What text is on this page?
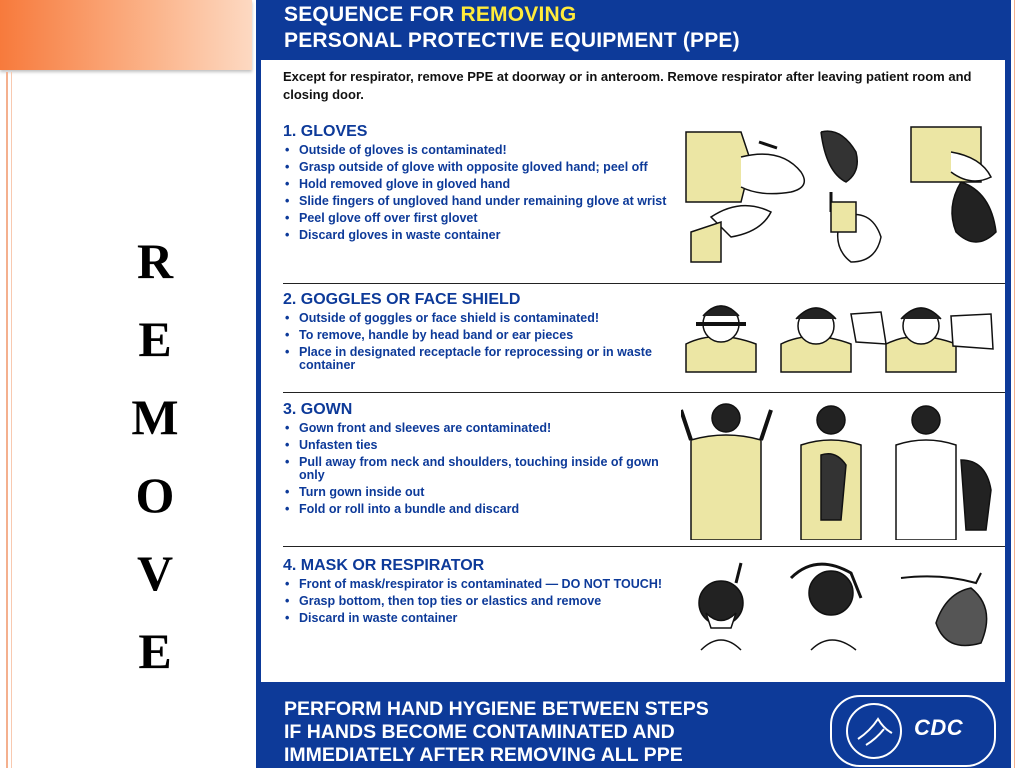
R
E
M
O
V
E
SEQUENCE FOR REMOVING
PERSONAL PROTECTIVE EQUIPMENT (PPE)
Except for respirator, remove PPE at doorway or in anteroom. Remove respirator after leaving patient room and closing door.
1. GLOVES
• Outside of gloves is contaminated!
• Grasp outside of glove with opposite gloved hand; peel off
• Hold removed glove in gloved hand
• Slide fingers of ungloved hand under remaining glove at wrist
• Peel glove off over first glovet
• Discard gloves in waste container
2. GOGGLES OR FACE SHIELD
• Outside of goggles or face shield is contaminated!
• To remove, handle by head band or ear pieces
• Place in designated receptacle for reprocessing or in waste container
3. GOWN
• Gown front and sleeves are contaminated!
• Unfasten ties
• Pull away from neck and shoulders, touching inside of gown only
• Turn gown inside out
• Fold or roll into a bundle and discard
4. MASK OR RESPIRATOR
• Front of mask/respirator is contaminated — DO NOT TOUCH!
• Grasp bottom, then top ties or elastics and remove
• Discard in waste container
PERFORM HAND HYGIENE BETWEEN STEPS
IF HANDS BECOME CONTAMINATED AND
IMMEDIATELY AFTER REMOVING ALL PPE
CDC
